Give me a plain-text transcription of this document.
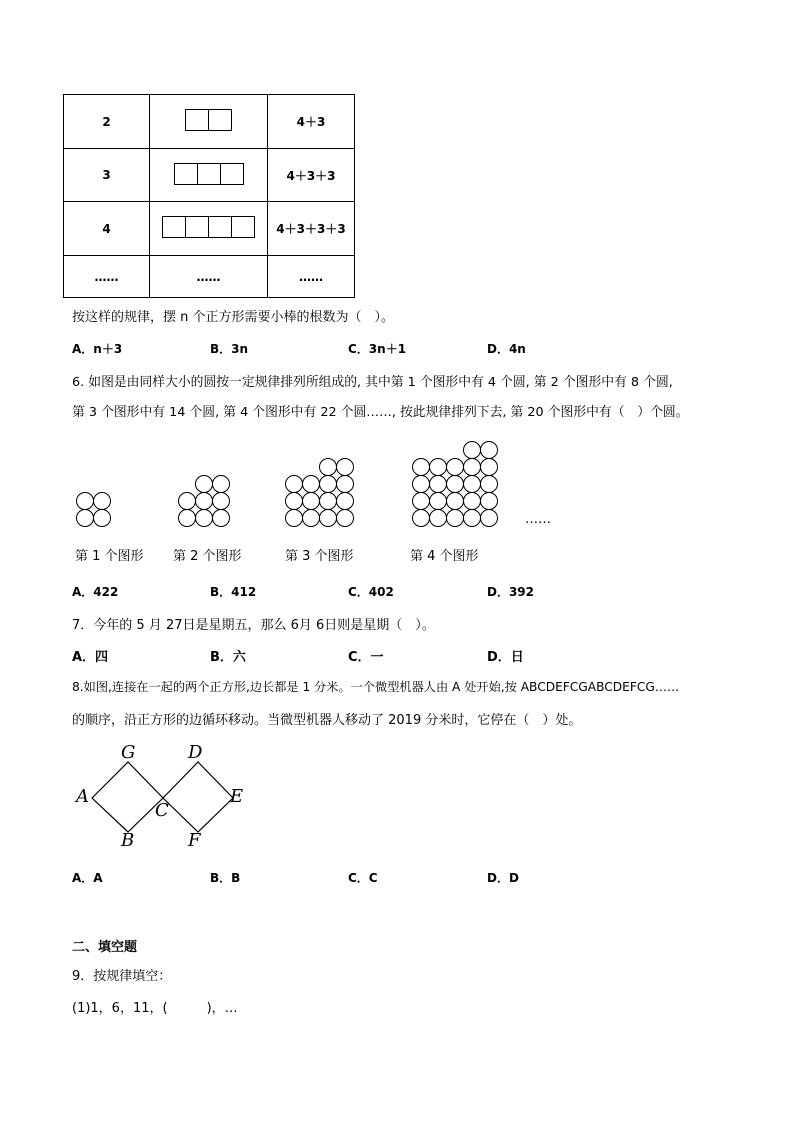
2		4＋3
3		4＋3＋3
4		4＋3＋3＋3
……	……	……
按这样的规律，摆 n 个正方形需要小棒的根数为（　）。
A．n＋3	B．3n	C．3n＋1	D．4n
6. 如图是由同样大小的圆按一定规律排列所组成的, 其中第 1 个图形中有 4 个圆, 第 2 个图形中有 8 个圆,
第 3 个图形中有 14 个圆, 第 4 个图形中有 22 个圆……, 按此规律排列下去, 第 20 个图形中有（　）个圆。
……
第 1 个图形 第 2 个图形	第 3 个图形	第 4 个图形
A．422	B．412	C．402	D．392
7．今年的 5 月 27日是星期五，那么 6月 6日则是星期（　）。
A．四	B．六	C．一	D．日
8.如图,连接在一起的两个正方形,边长都是 1 分米。一个微型机器人由 A 处开始,按 ABCDEFCGABCDEFCG……
的顺序，沿正方形的边循环移动。当微型机器人移动了 2019 分米时，它停在（　）处。
G	D
A
C
E
B	F
A．A	B．B	C．C	D．D
二、填空题
9．按规律填空：
(1)1，6，11，(　　　)，…
